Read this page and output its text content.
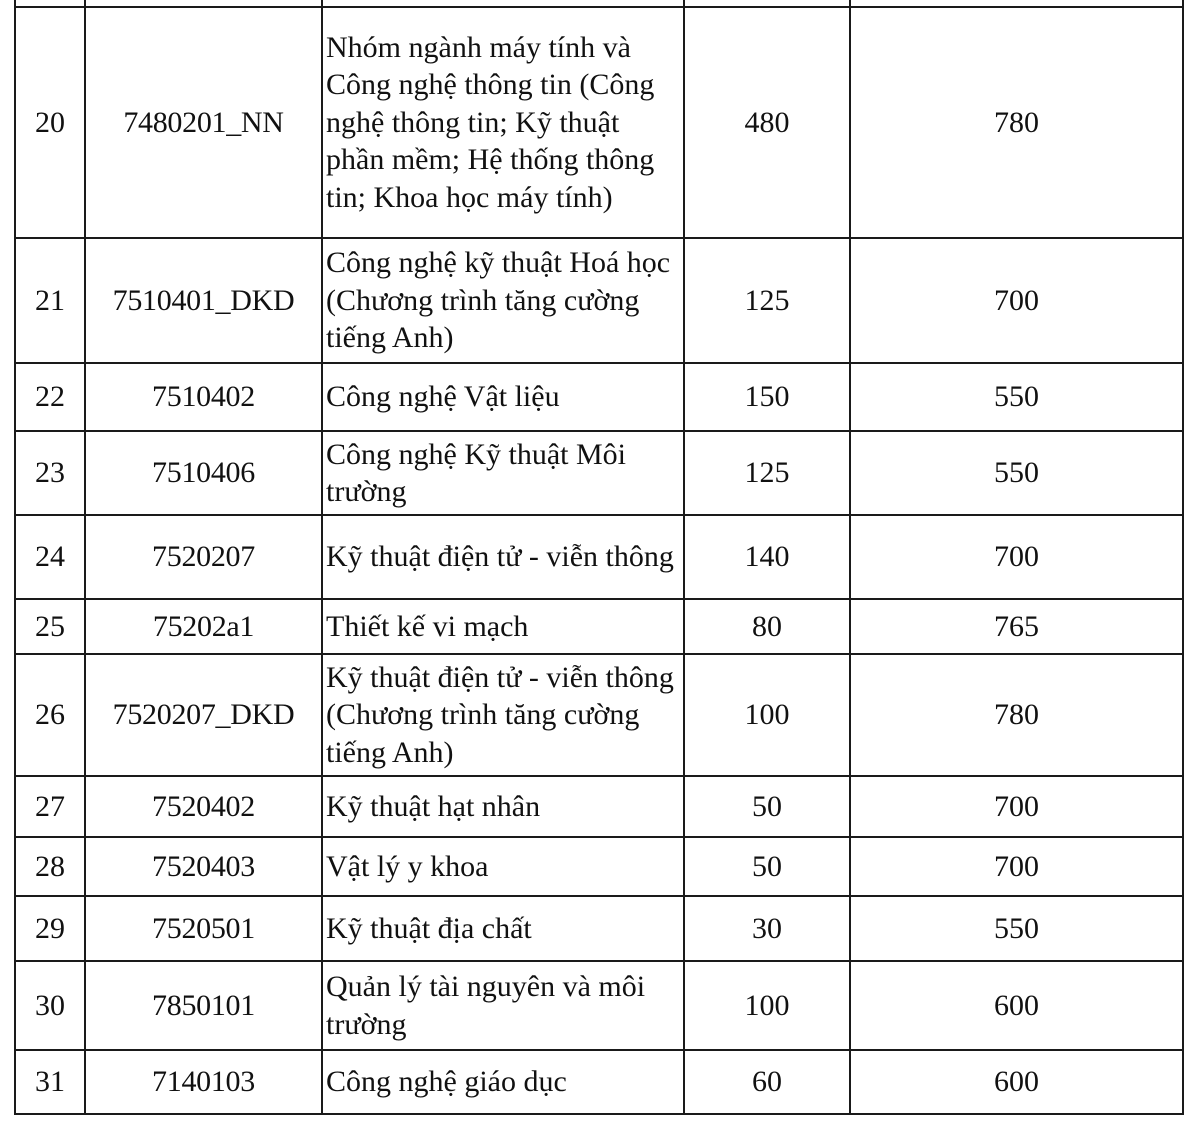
20	7480201_NN	Nhóm ngành máy tính và Công nghệ thông tin (Công nghệ thông tin; Kỹ thuật phần mềm; Hệ thống thông tin; Khoa học máy tính)	480	780
21	7510401_DKD	Công nghệ kỹ thuật Hoá học (Chương trình tăng cường tiếng Anh)	125	700
22	7510402	Công nghệ Vật liệu	150	550
23	7510406	Công nghệ Kỹ thuật Môi trường	125	550
24	7520207	Kỹ thuật điện tử - viễn thông	140	700
25	75202a1	Thiết kế vi mạch	80	765
26	7520207_DKD	Kỹ thuật điện tử - viễn thông (Chương trình tăng cường tiếng Anh)	100	780
27	7520402	Kỹ thuật hạt nhân	50	700
28	7520403	Vật lý y khoa	50	700
29	7520501	Kỹ thuật địa chất	30	550
30	7850101	Quản lý tài nguyên và môi trường	100	600
31	7140103	Công nghệ giáo dục	60	600
